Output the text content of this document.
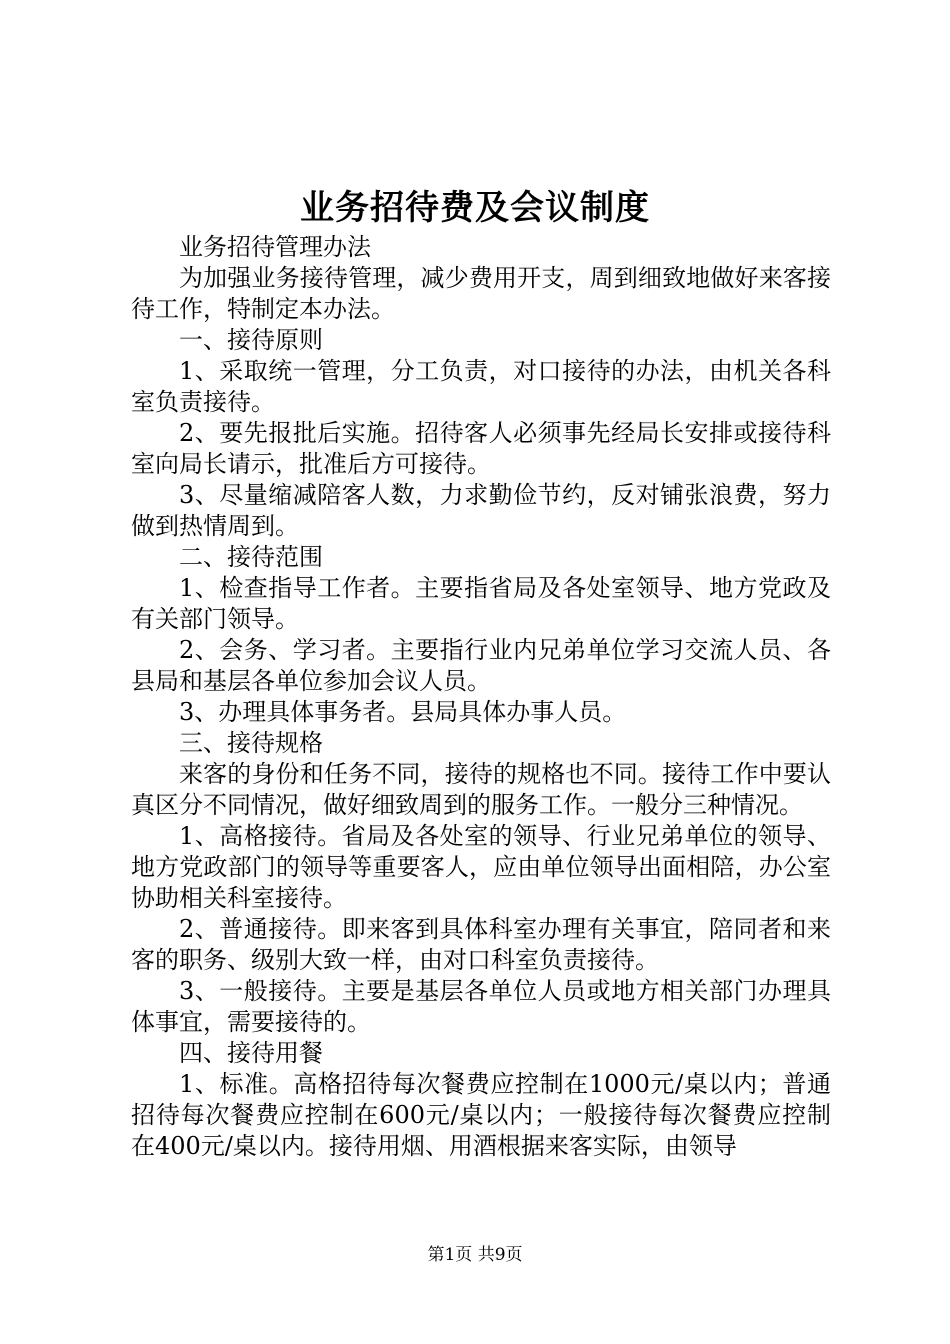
业务招待费及会议制度

业务招待管理办法

为加强业务接待管理，减少费用开支，周到细致地做好来客接待工作，特制定本办法。

一、接待原则

1、采取统一管理，分工负责，对口接待的办法，由机关各科室负责接待。

2、要先报批后实施。招待客人必须事先经局长安排或接待科室向局长请示，批准后方可接待。

3、尽量缩减陪客人数，力求勤俭节约，反对铺张浪费，努力做到热情周到。

二、接待范围

1、检查指导工作者。主要指省局及各处室领导、地方党政及有关部门领导。

2、会务、学习者。主要指行业内兄弟单位学习交流人员、各县局和基层各单位参加会议人员。

3、办理具体事务者。县局具体办事人员。

三、接待规格

来客的身份和任务不同，接待的规格也不同。接待工作中要认真区分不同情况，做好细致周到的服务工作。一般分三种情况。

1、高格接待。省局及各处室的领导、行业兄弟单位的领导、地方党政部门的领导等重要客人，应由单位领导出面相陪，办公室协助相关科室接待。

2、普通接待。即来客到具体科室办理有关事宜，陪同者和来客的职务、级别大致一样，由对口科室负责接待。

3、一般接待。主要是基层各单位人员或地方相关部门办理具体事宜，需要接待的。

四、接待用餐

1、标准。高格招待每次餐费应控制在1000元/桌以内；普通招待每次餐费应控制在600元/桌以内；一般接待每次餐费应控制在400元/桌以内。接待用烟、用酒根据来客实际，由领导

第1页 共9页
